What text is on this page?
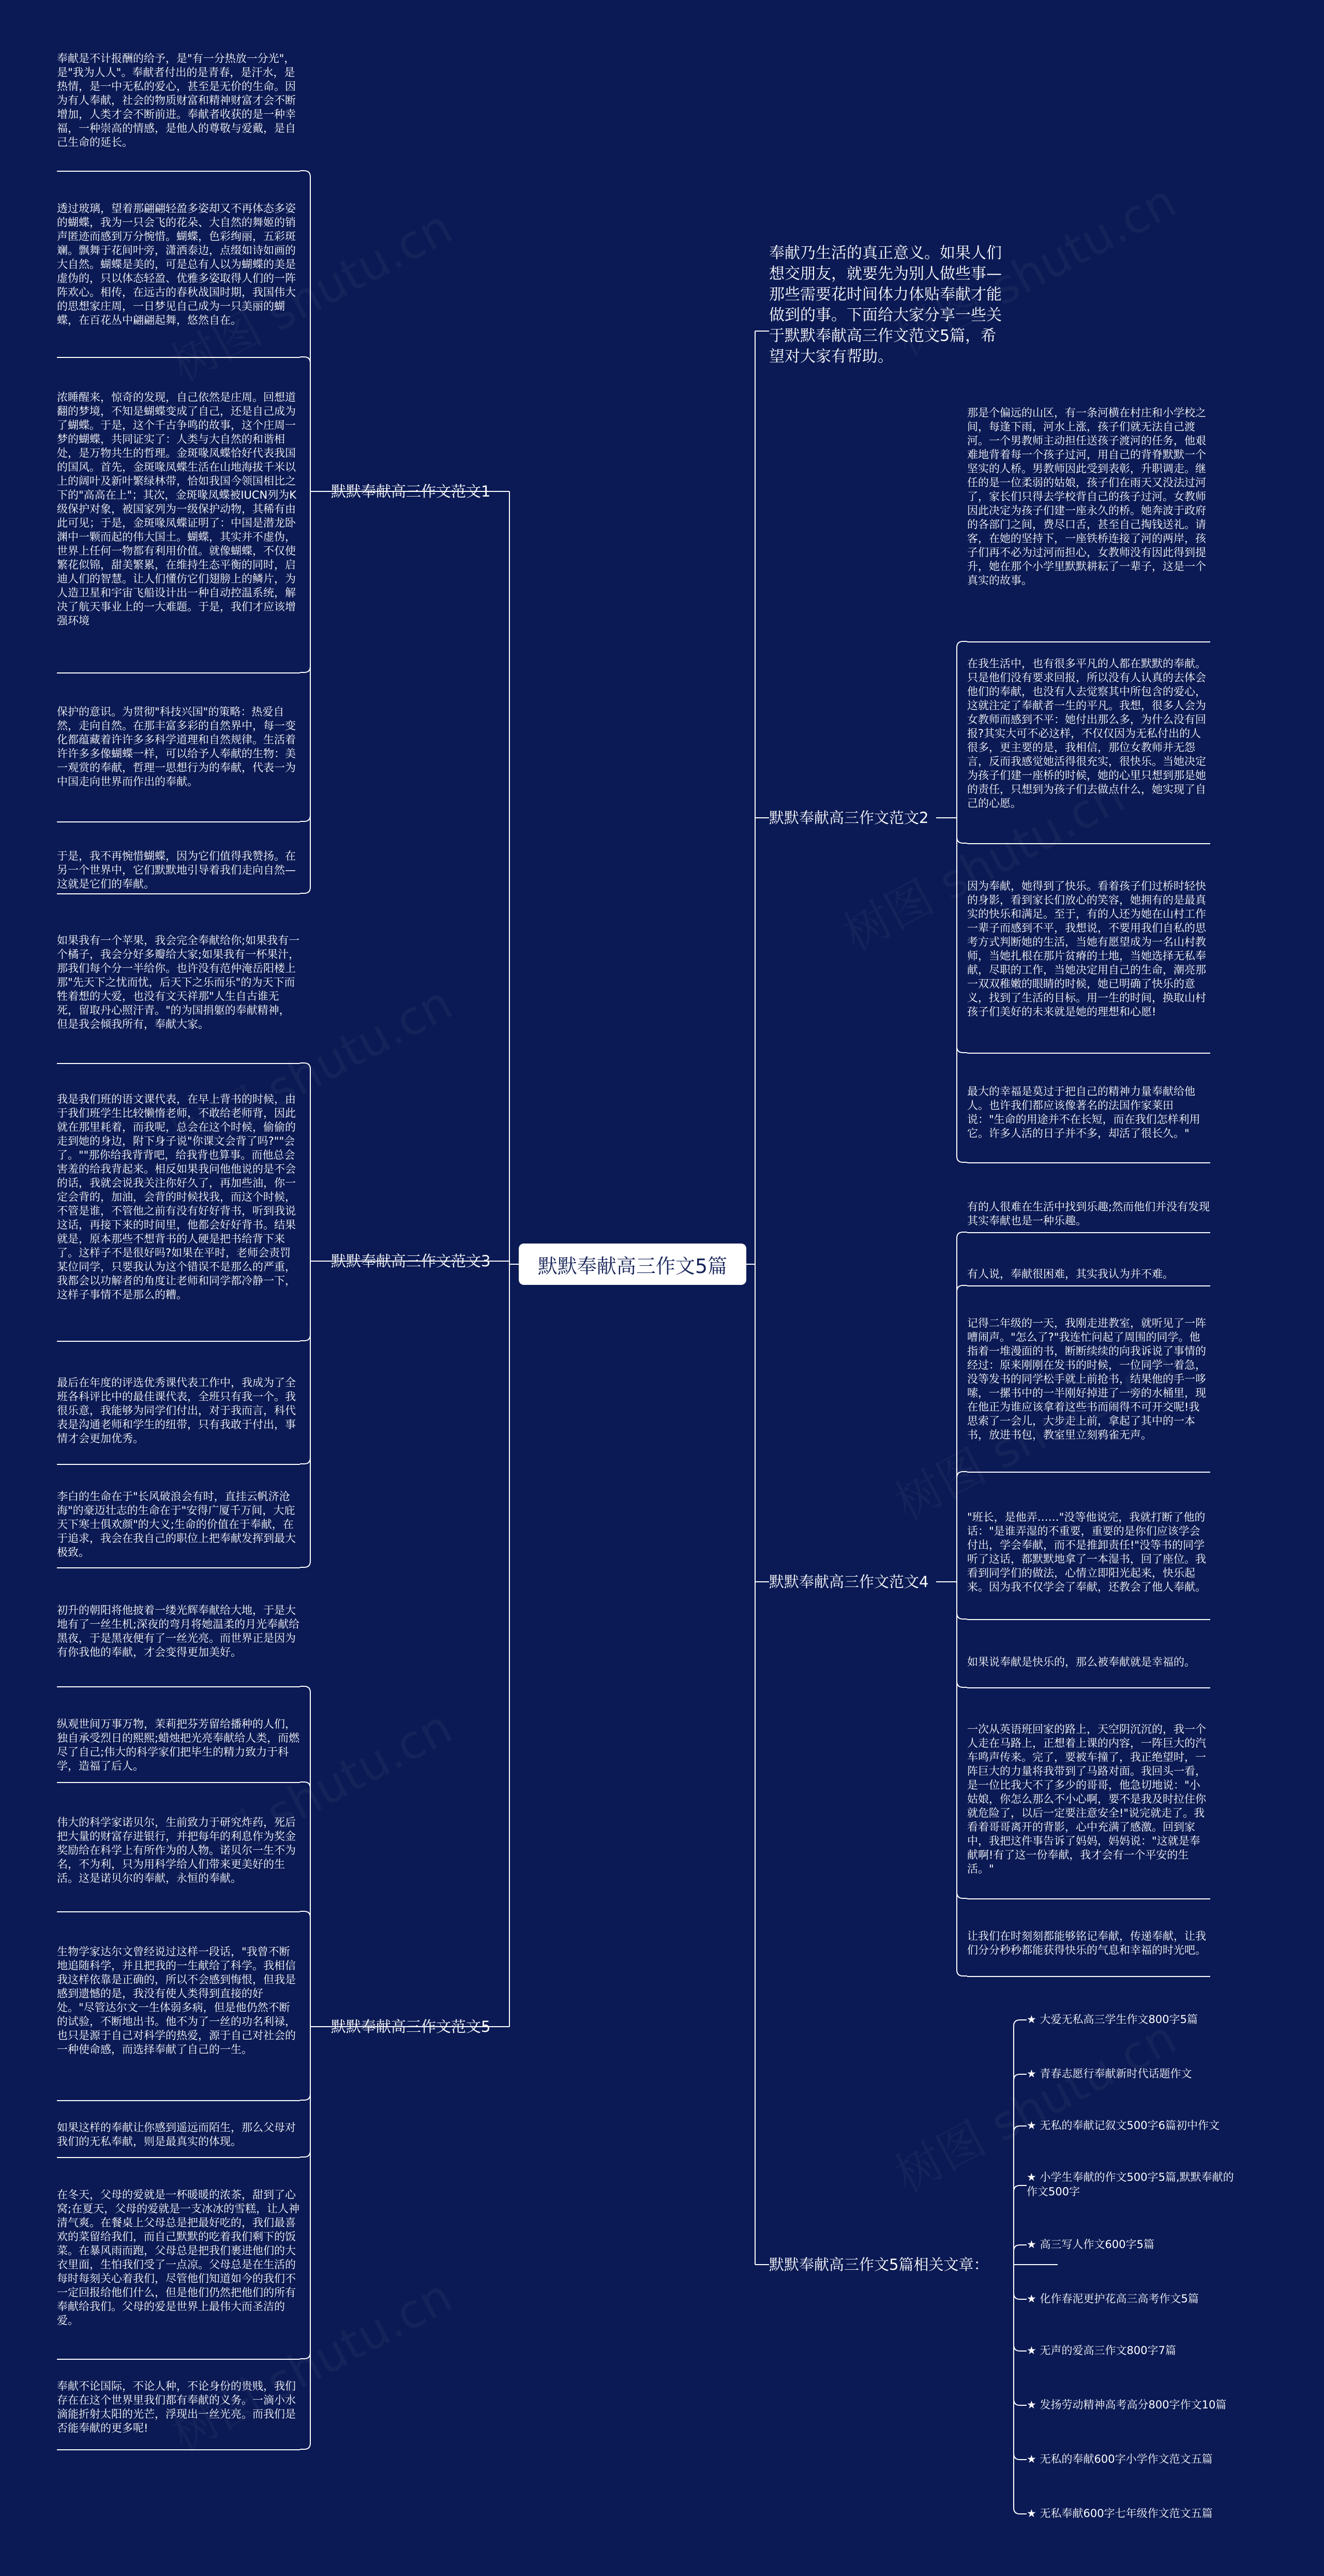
默默奉献高三作文5篇
奉献乃生活的真正意义。如果人们想交朋友，就要先为别人做些事—那些需要花时间体力体贴奉献才能做到的事。下面给大家分享一些关于默默奉献高三作文范文5篇，希望对大家有帮助。
默默奉献高三作文范文1
默默奉献高三作文范文2
默默奉献高三作文范文3
默默奉献高三作文范文4
默默奉献高三作文范文5
默默奉献高三作文5篇相关文章：
奉献是不计报酬的给予，是"有一分热放一分光"，是"我为人人"。奉献者付出的是青春，是汗水，是热情，是一中无私的爱心，甚至是无价的生命。因为有人奉献，社会的物质财富和精神财富才会不断增加，人类才会不断前进。奉献者收获的是一种幸福，一种崇高的情感，是他人的尊敬与爱戴，是自己生命的延长。
透过玻璃，望着那翩翩轻盈多姿却又不再体态多姿的蝴蝶，我为一只会飞的花朵、大自然的舞姬的销声匿迹而感到万分惋惜。蝴蝶，色彩绚丽，五彩斑斓。飘舞于花间叶旁，潇洒泰边，点缀如诗如画的大自然。蝴蝶是美的，可是总有人以为蝴蝶的美是虚伪的，只以体态轻盈、优雅多姿取得人们的一阵阵欢心。相传，在远古的春秋战国时期，我国伟大的思想家庄周，一日梦见自己成为一只美丽的蝴蝶，在百花丛中翩翩起舞，悠然自在。
浓睡醒来，惊奇的发现，自己依然是庄周。回想道翻的梦境，不知是蝴蝶变成了自己，还是自己成为了蝴蝶。于是，这个千古争鸣的故事，这个庄周一梦的蝴蝶，共同证实了：人类与大自然的和谐相处，是万物共生的哲理。金斑喙凤蝶恰好代表我国的国风。首先，金斑喙凤蝶生活在山地海拔千米以上的阔叶及新叶繁绿林带，恰如我国今领国相比之下的"高高在上"；其次，金斑喙凤蝶被IUCN列为K级保护对象，被国家列为一级保护动物，其稀有由此可见；于是，金斑喙凤蝶证明了：中国是潜龙卧渊中一颗而起的伟大国土。蝴蝶，其实并不虚伪，世界上任何一物都有利用价值。就像蝴蝶，不仅使繁花似锦，甜美繁累，在维持生态平衡的同时，启迪人们的智慧。让人们懂仿它们翅膀上的鳞片，为人造卫星和宇宙飞船设计出一种自动控温系统，解决了航天事业上的一大难题。于是，我们才应该增强环境
保护的意识。为贯彻"科技兴国"的策略：热爱自然，走向自然。在那丰富多彩的自然界中，每一变化都蕴藏着许许多多科学道理和自然规律。生活着许许多多像蝴蝶一样，可以给予人奉献的生物：美一观赏的奉献，哲理一思想行为的奉献，代表一为中国走向世界而作出的奉献。
于是，我不再惋惜蝴蝶，因为它们值得我赞扬。在另一个世界中，它们默默地引导着我们走向自然—这就是它们的奉献。
如果我有一个苹果，我会完全奉献给你;如果我有一个橘子，我会分好多瓣给大家;如果我有一杯果汁，那我们每个分一半给你。也许没有范仲淹岳阳楼上那"先天下之忧而忧，后天下之乐而乐"的为天下而牲着想的大爱，也没有文天祥那"人生自古谁无死，留取丹心照汗青。"的为国捐躯的奉献精神，但是我会倾我所有，奉献大家。
我是我们班的语文课代表，在早上背书的时候，由于我们班学生比较懒惰老师，不敢给老师背，因此就在那里耗着，而我呢，总会在这个时候，偷偷的走到她的身边，附下身子说"你课文会背了吗?""会了。""那你给我背背吧，给我背也算事。而他总会害羞的给我背起来。相反如果我问他他说的是不会的话，我就会说我关注你好久了，再加些油，你一定会背的，加油，会背的时候找我，而这个时候，不管是谁，不管他之前有没有好好背书，听到我说这话，再接下来的时间里，他都会好好背书。结果就是，原本那些不想背书的人硬是把书给背下来了。这样子不是很好吗?如果在平时，老师会责罚某位同学，只要我认为这个错误不是那么的严重，我都会以功解者的角度让老师和同学都冷静一下，这样子事情不是那么的糟。
最后在年度的评选优秀课代表工作中，我成为了全班各科评比中的最佳课代表，全班只有我一个。我很乐意，我能够为同学们付出，对于我而言，科代表是沟通老师和学生的纽带，只有我敢于付出，事情才会更加优秀。
李白的生命在于"长风破浪会有时，直挂云帆济沧海"的豪迈壮志的生命在于"安得广厦千万间，大庇天下寒士俱欢颜"的大义;生命的价值在于奉献，在于追求，我会在我自己的职位上把奉献发挥到最大极致。
初升的朝阳将他披着一缕光辉奉献给大地，于是大地有了一丝生机;深夜的弯月将她温柔的月光奉献给黑夜，于是黑夜便有了一丝光亮。而世界正是因为有你我他的奉献，才会变得更加美好。
纵观世间万事万物，茉莉把芬芳留给播种的人们，独自承受烈日的熙熙;蜡烛把光亮奉献给人类，而燃尽了自己;伟大的科学家们把毕生的精力致力于科学，造福了后人。
伟大的科学家诺贝尔，生前致力于研究炸药，死后把大量的财富存进银行，并把每年的利息作为奖金奖励给在科学上有所作为的人物。诺贝尔一生不为名，不为利，只为用科学给人们带来更美好的生活。这是诺贝尔的奉献，永恒的奉献。
生物学家达尔文曾经说过这样一段话，"我曾不断地追随科学，并且把我的一生献给了科学。我相信我这样依靠是正确的，所以不会感到悔恨，但我是感到遗憾的是，我没有使人类得到直接的好处。"尽管达尔文一生体弱多病，但是他仍然不断的试验，不断地出书。他不为了一丝的功名利禄，也只是源于自己对科学的热爱，源于自己对社会的一种使命感，而选择奉献了自己的一生。
如果这样的奉献让你感到遥远而陌生，那么父母对我们的无私奉献，则是最真实的体现。
在冬天，父母的爱就是一杯暖暖的浓茶，甜到了心窝;在夏天，父母的爱就是一支冰冰的雪糕，让人神清气爽。在餐桌上父母总是把最好吃的，我们最喜欢的菜留给我们，而自己默默的吃着我们剩下的饭菜。在暴风雨而跑，父母总是把我们裹进他们的大衣里面，生怕我们受了一点凉。父母总是在生活的每时每刻关心着我们，尽管他们知道如今的我们不一定回报给他们什么，但是他们仍然把他们的所有奉献给我们。父母的爱是世界上最伟大而圣洁的爱。
奉献不论国际，不论人种，不论身份的贵贱，我们存在在这个世界里我们都有奉献的义务。一滴小水滴能折射太阳的光芒，浮现出一丝光亮。而我们是否能奉献的更多呢!
那是个偏远的山区，有一条河横在村庄和小学校之间，每逢下雨，河水上涨，孩子们就无法自己渡河。一个男教师主动担任送孩子渡河的任务，他艰难地背着每一个孩子过河，用自己的背脊默默一个坚实的人桥。男教师因此受到表彰，升职调走。继任的是一位柔弱的姑娘，孩子们在雨天又没法过河了，家长们只得去学校背自己的孩子过河。女教师因此决定为孩子们建一座永久的桥。她奔波于政府的各部门之间，费尽口舌，甚至自己掏钱送礼。请客，在她的坚持下，一座铁桥连接了河的两岸，孩子们再不必为过河而担心，女教师没有因此得到提升，她在那个小学里默默耕耘了一辈子，这是一个真实的故事。
在我生活中，也有很多平凡的人都在默默的奉献。只是他们没有要求回报，所以没有人认真的去体会他们的奉献，也没有人去觉察其中所包含的爱心，这就注定了奉献者一生的平凡。我想，很多人会为女教师而感到不平：她付出那么多，为什么没有回报?其实大可不必这样，不仅仅因为无私付出的人很多，更主要的是，我相信，那位女教师并无怨言，反而我感觉她活得很充实，很快乐。当她决定为孩子们建一座桥的时候，她的心里只想到那是她的责任，只想到为孩子们去做点什么，她实现了自己的心愿。
因为奉献，她得到了快乐。看着孩子们过桥时轻快的身影，看到家长们放心的笑容，她拥有的是最真实的快乐和满足。至于，有的人还为她在山村工作一辈子而感到不平，我想说，不要用我们自私的思考方式判断她的生活，当她有愿望成为一名山村教师，当她扎根在那片贫瘠的土地，当她选择无私奉献，尽职的工作，当她决定用自己的生命，潮亮那一双双稚嫩的眼睛的时候，她已明确了快乐的意义，找到了生活的目标。用一生的时间，换取山村孩子们美好的未来就是她的理想和心愿!
最大的幸福是莫过于把自己的精神力量奉献给他人。也许我们都应该像著名的法国作家莱田说："生命的用途并不在长短，而在我们怎样利用它。许多人活的日子并不多，却活了很长久。"
有的人很难在生活中找到乐趣;然而他们并没有发现其实奉献也是一种乐趣。
有人说，奉献很困难，其实我认为并不难。
记得二年级的一天，我刚走进教室，就听见了一阵嘈闹声。"怎么了?"我连忙问起了周围的同学。他指着一堆漫面的书，断断续续的向我诉说了事情的经过：原来刚刚在发书的时候，一位同学一着急，没等发书的同学松手就上前抢书，结果他的手一哆嗦，一摞书中的一半刚好掉进了一旁的水桶里，现在他正为谁应该拿着这些书而闹得不可开交呢!我思索了一会儿，大步走上前，拿起了其中的一本书，放进书包，教室里立刻鸦雀无声。
"班长，是他弄……"没等他说完，我就打断了他的话："是谁弄湿的不重要，重要的是你们应该学会付出，学会奉献，而不是推卸责任!"没等书的同学听了这话，都默默地拿了一本湿书，回了座位。我看到同学们的做法，心情立即阳光起来，快乐起来。因为我不仅学会了奉献，还教会了他人奉献。
如果说奉献是快乐的，那么被奉献就是幸福的。
一次从英语班回家的路上，天空阴沉沉的，我一个人走在马路上，正想着上课的内容，一阵巨大的汽车鸣声传来。完了，要被车撞了，我正绝望时，一阵巨大的力量将我带到了马路对面。我回头一看，是一位比我大不了多少的哥哥，他急切地说："小姑娘，你怎么那么不小心啊，要不是我及时拉住你就危险了，以后一定要注意安全!"说完就走了。我看着哥哥离开的背影，心中充满了感激。回到家中，我把这件事告诉了妈妈，妈妈说："这就是奉献啊!有了这一份奉献，我才会有一个平安的生活。"
让我们在时刻刻都能够铭记奉献，传递奉献，让我们分分秒秒都能获得快乐的气息和幸福的时光吧。
★ 大爱无私高三学生作文800字5篇
★ 青春志愿行奉献新时代话题作文
★ 无私的奉献记叙文500字6篇初中作文
★ 小学生奉献的作文500字5篇,默默奉献的作文500字
★ 高三写人作文600字5篇
★ 化作春泥更护花高三高考作文5篇
★ 无声的爱高三作文800字7篇
★ 发扬劳动精神高考高分800字作文10篇
★ 无私的奉献600字小学作文范文五篇
★ 无私奉献600字七年级作文范文五篇
